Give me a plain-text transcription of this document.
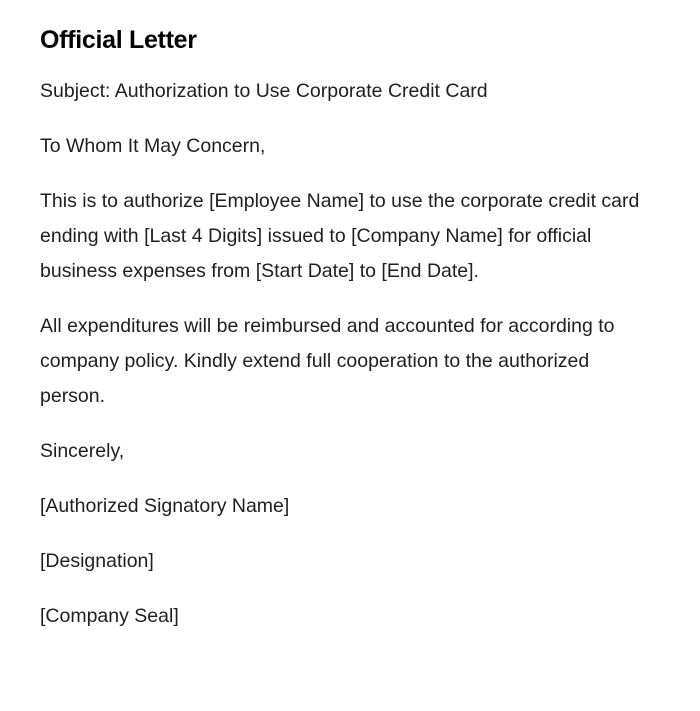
Official Letter

Subject: Authorization to Use Corporate Credit Card

To Whom It May Concern,

This is to authorize [Employee Name] to use the corporate credit card ending with [Last 4 Digits] issued to [Company Name] for official business expenses from [Start Date] to [End Date].

All expenditures will be reimbursed and accounted for according to company policy. Kindly extend full cooperation to the authorized person.

Sincerely,

[Authorized Signatory Name]

[Designation]

[Company Seal]
